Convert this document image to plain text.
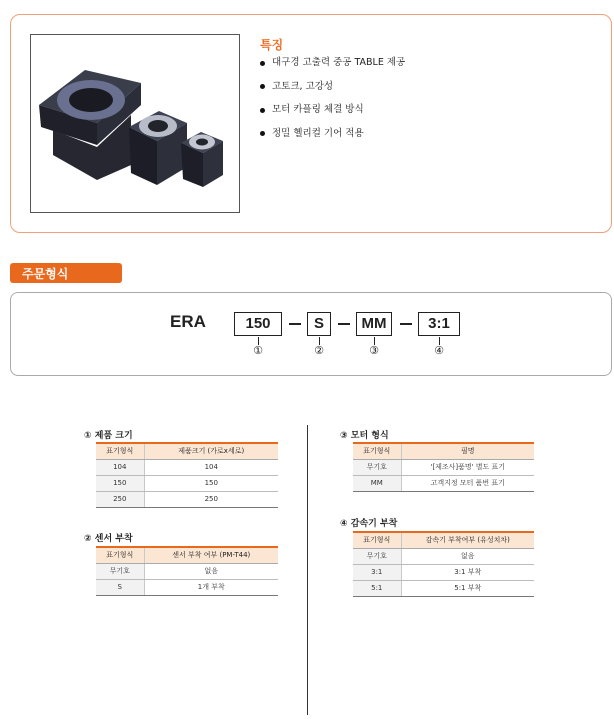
특징
대구경 고출력 중공 TABLE 제공
고토크, 고강성
모터 카플링 체결 방식
정밀 헬리컬 기어 적용
주문형식
ERA	150	S	MM	3:1
①	②	③	④
① 제품 크기
표기형식	제품크기 (가로x세로)
104	104
150	150
250	250
② 센서 부착
표기형식	센서 부착 여부 (PM-T44)
무기호	없음
S	1개 부착
③ 모터 형식
표기형식	필명
무기호	'[제조사]품명' 별도 표기
MM	고객지정 모터 품번 표기
④ 감속기 부착
표기형식	감속기 부착여부 (유성치차)
무기호	없음
3:1	3:1 부착
5:1	5:1 부착
